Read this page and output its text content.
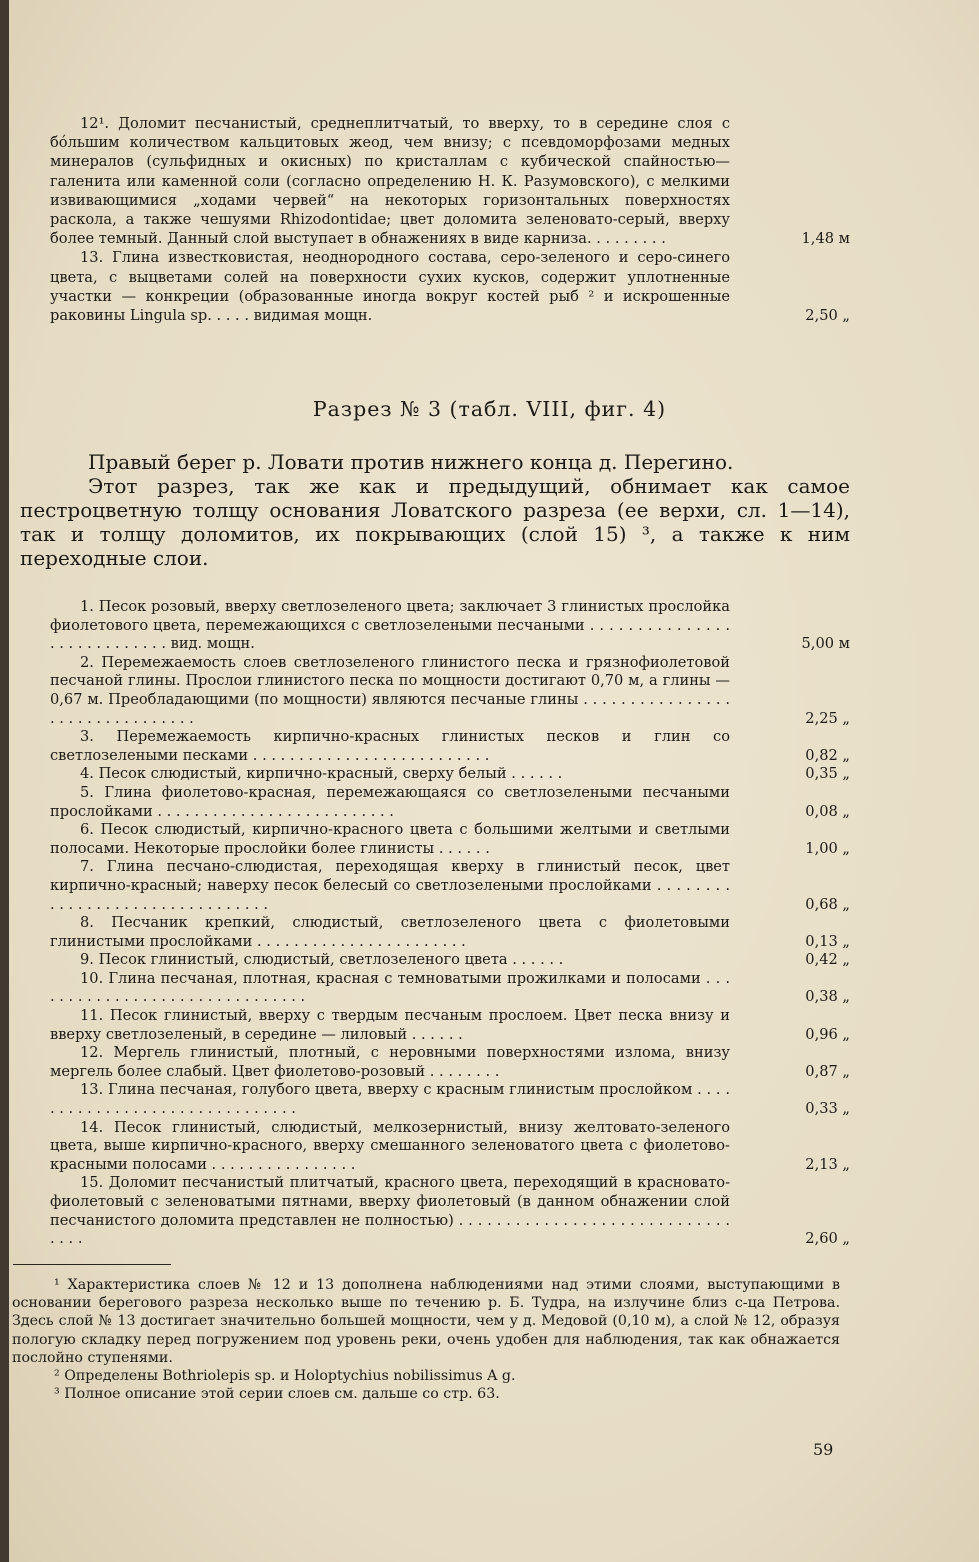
12¹. Доломит песчанистый, среднеплитчатый, то вверху, то в середине слоя с бóльшим количеством кальцитовых жеод, чем внизу; с псевдоморфозами медных минералов (сульфидных и окисных) по кристаллам с кубической спайностью—галенита или каменной соли (согласно определению Н. К. Разумовского), с мелкими извивающимися „ходами червей“ на некоторых горизонтальных поверхностях раскола, а также чешуями Rhizodontidae; цвет доломита зеленовато-серый, вверху более темный. Данный слой выступает в обнажениях в виде карниза. . . . . . . . .	1,48 м

13. Глина известковистая, неоднородного состава, серо-зеленого и серо-синего цвета, с выцветами солей на поверхности сухих кусков, содержит уплотненные участки — конкреции (образованные иногда вокруг костей рыб ² и искрошенные раковины Lingula sp. . . . . видимая мощн.	2,50 „
Разрез № 3 (табл. VIII, фиг. 4)

Правый берег р. Ловати против нижнего конца д. Перегино.

Этот разрез, так же как и предыдущий, обнимает как самое пестроцветную толщу основания Ловатского разреза (ее верхи, сл. 1—14), так и толщу доломитов, их покрывающих (слой 15) ³, а также к ним переходные слои.

1. Песок розовый, вверху светлозеленого цвета; заключает 3 глинистых прослойка фиолетового цвета, перемежающихся с светлозелеными песчаными . . . . . . . . . . . . . . . . . . . . . . . . . . . . вид. мощн.	5,00 м

2. Перемежаемость слоев светлозеленого глинистого песка и грязнофиолетовой песчаной глины. Прослои глинистого песка по мощности достигают 0,70 м, а глины — 0,67 м. Преобладающими (по мощности) являются песчаные глины . . . . . . . . . . . . . . . . . . . . . . . . . . . . . . . .	2,25 „

3. Перемежаемость кирпично-красных глинистых песков и глин со светлозелеными песками . . . . . . . . . . . . . . . . . . . . . . . . . .	0,82 „

4. Песок слюдистый, кирпично-красный, сверху белый . . . . . .	0,35 „

5. Глина фиолетово-красная, перемежающаяся со светлозелеными песчаными прослойками . . . . . . . . . . . . . . . . . . . . . . . . . .	0,08 „

6. Песок слюдистый, кирпично-красного цвета с большими желтыми и светлыми полосами. Некоторые прослойки более глинисты . . . . . .	1,00 „

7. Глина песчано-слюдистая, переходящая кверху в глинистый песок, цвет кирпично-красный; наверху песок белесый со светлозелеными прослойками . . . . . . . . . . . . . . . . . . . . . . . . . . . . . . . .	0,68 „

8. Песчаник крепкий, слюдистый, светлозеленого цвета с фиолетовыми глинистыми прослойками . . . . . . . . . . . . . . . . . . . . . . .	0,13 „

9. Песок глинистый, слюдистый, светлозеленого цвета . . . . . .	0,42 „

10. Глина песчаная, плотная, красная с темноватыми прожилками и полосами . . . . . . . . . . . . . . . . . . . . . . . . . . . . . . .	0,38 „

11. Песок глинистый, вверху с твердым песчаным прослоем. Цвет песка внизу и вверху светлозеленый, в середине — лиловый . . . . . .	0,96 „

12. Мергель глинистый, плотный, с неровными поверхностями излома, внизу мергель более слабый. Цвет фиолетово-розовый . . . . . . . .	0,87 „

13. Глина песчаная, голубого цвета, вверху с красным глинистым прослойком . . . . . . . . . . . . . . . . . . . . . . . . . . . . . . .	0,33 „

14. Песок глинистый, слюдистый, мелкозернистый, внизу желтовато-зеленого цвета, выше кирпично-красного, вверху смешанного зеленоватого цвета с фиолетово-красными полосами . . . . . . . . . . . . . . . .	2,13 „

15. Доломит песчанистый плитчатый, красного цвета, переходящий в красновато-фиолетовый с зеленоватыми пятнами, вверху фиолетовый (в данном обнажении слой песчанистого доломита представлен не полностью) . . . . . . . . . . . . . . . . . . . . . . . . . . . . . . . . .	2,60 „

¹ Характеристика слоев № 12 и 13 дополнена наблюдениями над этими слоями, выступающими в основании берегового разреза несколько выше по течению р. Б. Тудра, на излучине близ с-ца Петрова. Здесь слой № 13 достигает значительно большей мощности, чем у д. Медовой (0,10 м), а слой № 12, образуя пологую складку перед погружением под уровень реки, очень удобен для наблюдения, так как обнажается послойно ступенями.

² Определены Bothriolepis sp. и Holoptychius nobilissimus A g.

³ Полное описание этой серии слоев см. дальше со стр. 63.

59
